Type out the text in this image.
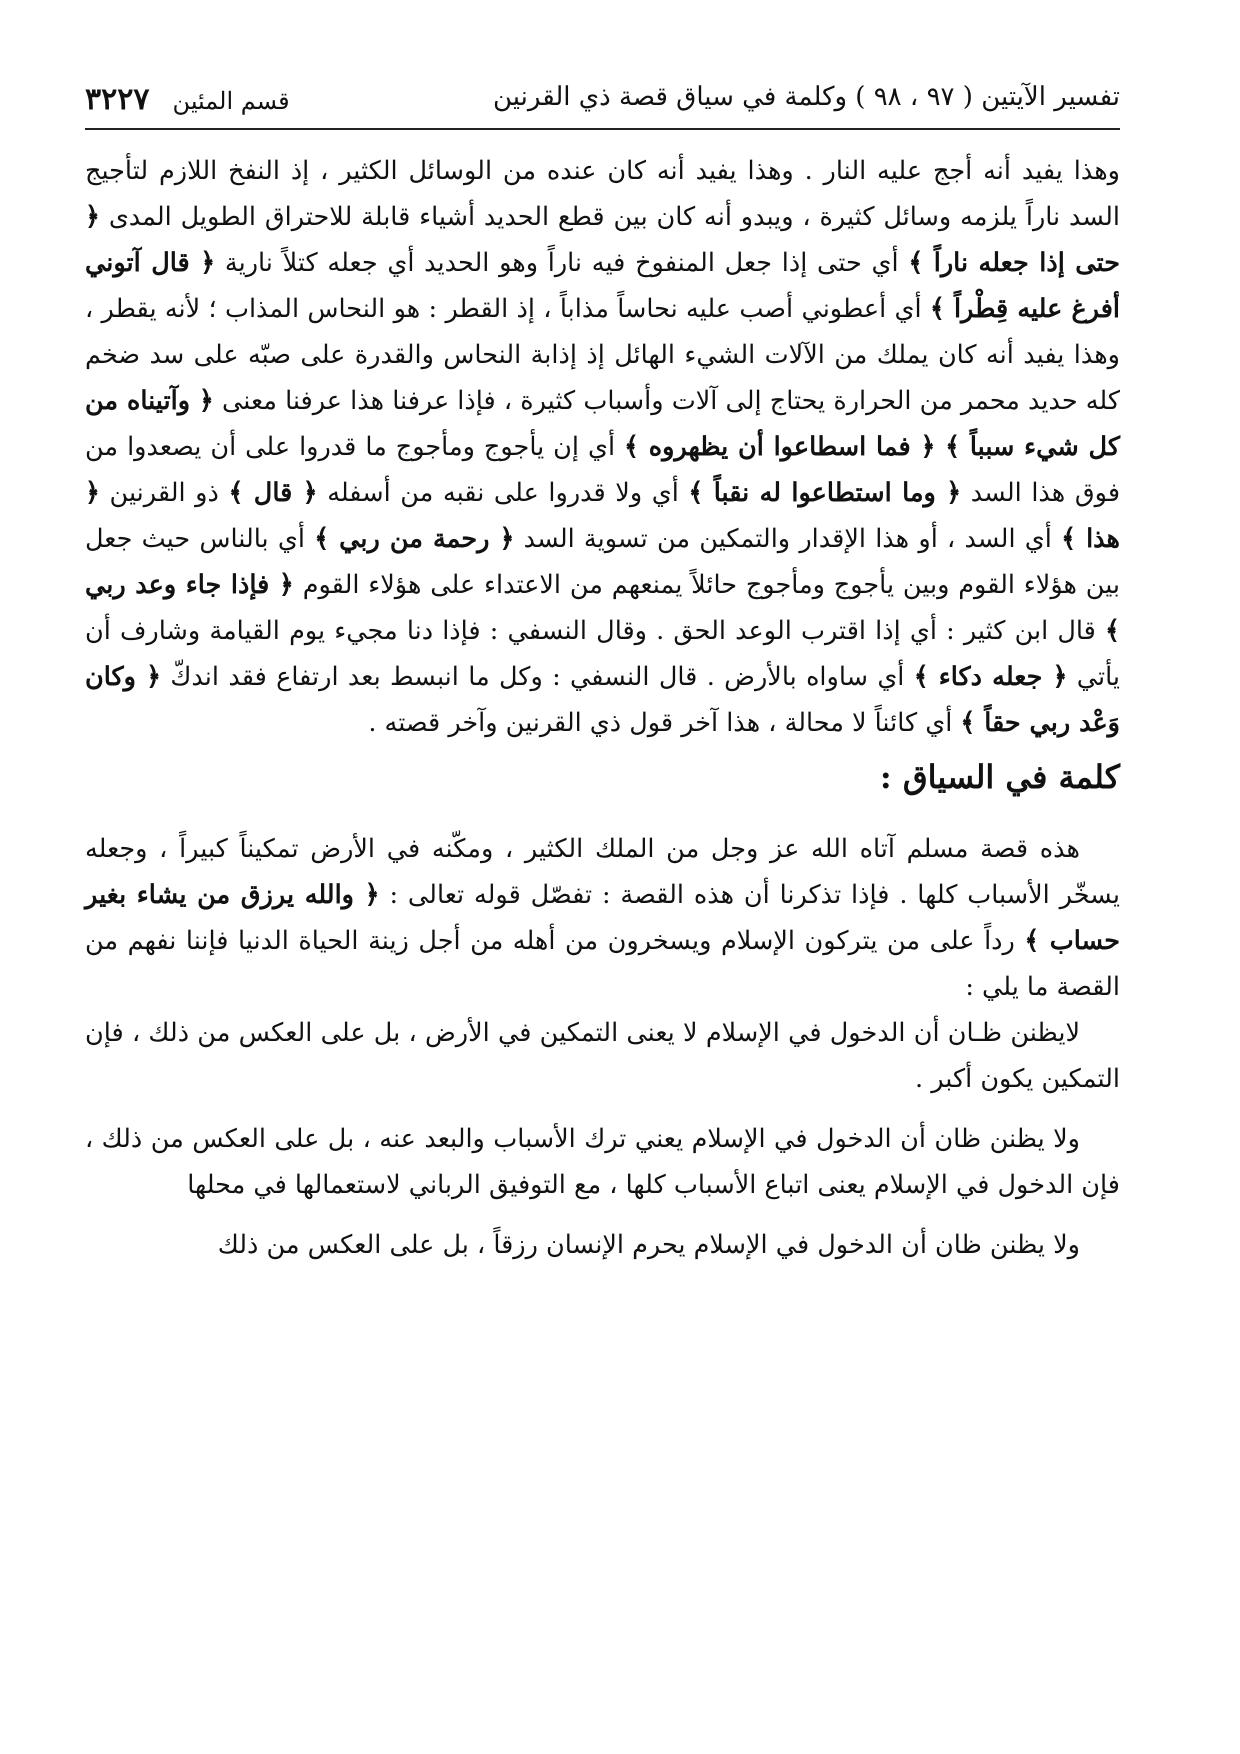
تفسير الآيتين ( ٩٧ ، ٩٨ ) وكلمة في سياق قصة ذي القرنين
قسم المئين ٣٢٢٧

وهذا يفيد أنه أجج عليه النار . وهذا يفيد أنه كان عنده من الوسائل الكثير ، إذ النفخ اللازم لتأجيج السد ناراً يلزمه وسائل كثيرة ، ويبدو أنه كان بين قطع الحديد أشياء قابلة للاحتراق الطويل المدى ﴿ حتى إذا جعله ناراً ﴾ أي حتى إذا جعل المنفوخ فيه ناراً وهو الحديد أي جعله كتلاً نارية ﴿ قال آتوني أفرغ عليه قِطْراً ﴾ أي أعطوني أصب عليه نحاساً مذاباً ، إذ القطر : هو النحاس المذاب ؛ لأنه يقطر ، وهذا يفيد أنه كان يملك من الآلات الشيء الهائل إذ إذابة النحاس والقدرة على صبّه على سد ضخم كله حديد محمر من الحرارة يحتاج إلى آلات وأسباب كثيرة ، فإذا عرفنا هذا عرفنا معنى ﴿ وآتيناه من كل شيء سبباً ﴾ ﴿ فما اسطاعوا أن يظهروه ﴾ أي إن يأجوج ومأجوج ما قدروا على أن يصعدوا من فوق هذا السد ﴿ وما استطاعوا له نقباً ﴾ أي ولا قدروا على نقبه من أسفله ﴿ قال ﴾ ذو القرنين ﴿ هذا ﴾ أي السد ، أو هذا الإقدار والتمكين من تسوية السد ﴿ رحمة من ربي ﴾ أي بالناس حيث جعل بين هؤلاء القوم وبين يأجوج ومأجوج حائلاً يمنعهم من الاعتداء على هؤلاء القوم ﴿ فإذا جاء وعد ربي ﴾ قال ابن كثير : أي إذا اقترب الوعد الحق . وقال النسفي : فإذا دنا مجيء يوم القيامة وشارف أن يأتي ﴿ جعله دكاء ﴾ أي ساواه بالأرض . قال النسفي : وكل ما انبسط بعد ارتفاع فقد اندكّ ﴿ وكان وَعْد ربي حقاً ﴾ أي كائناً لا محالة ، هذا آخر قول ذي القرنين وآخر قصته .

كلمة في السياق :

هذه قصة مسلم آتاه الله عز وجل من الملك الكثير ، ومكّنه في الأرض تمكيناً كبيراً ، وجعله يسخّر الأسباب كلها . فإذا تذكرنا أن هذه القصة : تفصّل قوله تعالى : ﴿ والله يرزق من يشاء بغير حساب ﴾ رداً على من يتركون الإسلام ويسخرون من أهله من أجل زينة الحياة الدنيا فإننا نفهم من القصة ما يلي :

لايظنن ظـان أن الدخول في الإسلام لا يعنى التمكين في الأرض ، بل على العكس من ذلك ، فإن التمكين يكون أكبر .

ولا يظنن ظان أن الدخول في الإسلام يعني ترك الأسباب والبعد عنه ، بل على العكس من ذلك ، فإن الدخول في الإسلام يعنى اتباع الأسباب كلها ، مع التوفيق الرباني لاستعمالها في محلها

ولا يظنن ظان أن الدخول في الإسلام يحرم الإنسان رزقاً ، بل على العكس من ذلك
